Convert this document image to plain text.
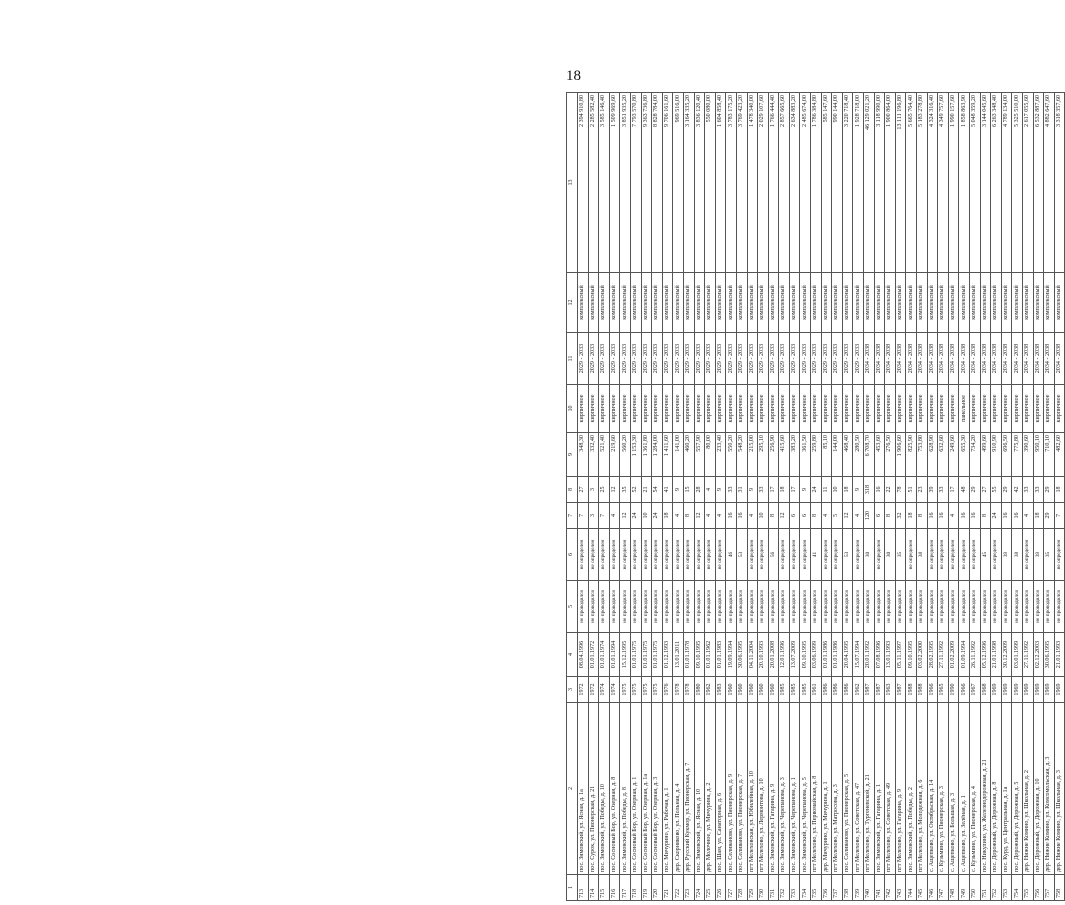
18
1	2	3	4	5	6	7	8	9	10	11	12	13
713	пос. Зимовский, ул. Ясная, д. 1а	1972	08.04.1996	не проводился	не определен	7	27	348,30	кирпичное	2029 - 2033	комплексный	2 394 910,80
714	пос. Сурок, ул. Пионерская, д. 21	1972	01.01.1972	не проводился	не определен	3	3	332,40	кирпичное	2029 - 2033	комплексный	2 285 582,40
715	пос. Зимовский, ул. Победы, д. 10	1974	01.01.1974	не проводился	не определен	7	25	521,40	кирпичное	2029 - 2033	комплексный	3 585 146,40
716	пос. Сосновый Бор, ул. Озерная, д. 8	1974	01.01.1994	не проводился	не определен	4	12	219,60	кирпичное	2029 - 2033	комплексный	1 509 969,60
717	пос. Зимовский, ул. Победы, д. 8	1975	15.12.1995	не проводился	не определен	12	35	560,20	кирпичное	2029 - 2033	комплексный	3 851 935,20
718	пос. Сосновый Бор, ул. Озерная, д. 1	1975	01.01.1975	не проводился	не определен	24	52	1 153,30	кирпичное	2029 - 2033	комплексный	7 793 570,80
719	пос. Сосновый Бор, ул. Озерная, д. 1а	1975	01.01.1975	не проводился	не определен	10	21	1 361,80	кирпичное	2029 - 2033	комплексный	9 363 736,80
720	пос. Сосновый Бор, ул. Озерная, д. 3	1975	01.01.1975	не проводился	не определен	24	54	1 284,00	кирпичное	2029 - 2033	комплексный	8 828 784,00
721	пос. Мичурино, ул. Рабочая, д. 1	1976	01.12.1993	не проводился	не определен	18	41	1 411,60	кирпичное	2029 - 2033	комплексный	9 706 161,60
722	дер. Скорняково, ул. Польная, д. 4	1978	13.01.2011	не проводился	не определен	4	9	141,00	кирпичное	2029 - 2033	комплексный	969 516,00
723	дер. Русский Кукмор, ул. Пионерская, д. 7	1978	01.01.1978	не проводился	не определен	8	15	460,20	кирпичное	2029 - 2033	комплексный	3 164 335,20
724	пос. Зимовский, ул. Ясная, д. 10	1980	09.10.1995	не проводился	не определен	12	28	557,90	кирпичное	2029 - 2033	комплексный	3 836 120,40
725	дер. Молочное, ул. Мичурина, д. 2	1962	01.01.1962	не проводился	не определен	4	4	80,00	кирпичное	2029 - 2033	комплексный	550 080,00
726	пос. Шам, ул. Санаторная, д. 6	1983	01.01.1983	не проводился	не определен	4	9	233,40	кирпичное	2029 - 2033	комплексный	1 604 858,40
727	пос. Селиваново, ул. Пионерская, д. 9	1960	19.09.1994	не проводился	46	16	33	550,20	кирпичное	2029 - 2033	комплексный	3 783 175,20
728	пос. Селиваново, ул. Пионерская, д. 7	1960	30.06.1995	не проводился	53	16	31	548,20	кирпичное	2029 - 2033	комплексный	3 769 423,20
729	пгт Мелеховская, ул. Юбилейная, д. 10	1960	04.11.2004	не проводился	не определен	4	9	215,00	кирпичное	2029 - 2033	комплексный	1 478 340,00
730	пгт Мелехово, ул. Лермонтова, д. 10	1960	20.10.1993	не проводился	не определен	10	33	295,10	кирпичное	2029 - 2033	комплексный	2 029 107,60
731	пос. Зимовский, ул. Гагарина, д. 9	1960	20.01.2008	не проводился	56	8	17	256,90	кирпичное	2029 - 2033	комплексный	1 766 444,40
732	пос. Зимовский, ул. Черепанова, д. 3	1985	12.01.1996	не проводился	не определен	12	18	415,60	кирпичное	2029 - 2033	комплексный	2 857 665,60
733	пос. Зимовский, ул. Черепанова, д. 1	1985	13.07.2009	не проводился	не определен	6	17	383,20	кирпичное	2029 - 2033	комплексный	2 634 883,20
734	пос. Зимовский, ул. Черепанова, д. 5	1985	09.10.1995	не проводился	не определен	6	9	361,50	кирпичное	2029 - 2033	комплексный	2 485 674,00
735	пгт Мелехово, ул. Первомайская, д. 8	1961	03.06.1999	не проводился	41	8	24	259,80	кирпичное	2029 - 2033	комплексный	1 786 384,80
736	дер. Мичурино, ул. Мичурина, д. 1	1986	01.01.1986	не проводился	не определен	4	11	85,10	кирпичное	2029 - 2033	комплексный	585 147,60
737	пгт Мелехово, ул. Матросова, д. 3	1986	01.01.1986	не проводился	не определен	5	10	144,00	кирпичное	2029 - 2033	комплексный	990 144,00
738	пос. Селиваново, ул. Пионерская, д. 5	1986	20.04.1995	не проводился	53	12	18	468,40	кирпичное	2029 - 2033	комплексный	3 220 718,40
739	пгт Мелехово, ул. Советская, д. 47	1962	15.07.1994	не проводился	не определен	4	9	280,50	кирпичное	2029 - 2033	комплексный	1 928 718,00
740	пгт Мелехово, ул. Тургеневской, д. 21	1987	20.01.1992	не проводился	30	120	318	6 708,70	кирпичное	2034 - 2038	комплексный	46 129 021,20
741	пос. Зимовский, ул. Гагарина, д. 1	1987	07.08.1996	не проводился	не определен	6	16	453,60	кирпичное	2034 - 2038	комплексный	3 118 990,00
742	пгт Мелехово, ул. Советская, д. 49	1963	13.01.1993	не проводился	30	8	22	276,50	кирпичное	2034 - 2038	комплексный	1 900 864,00
743	пгт Мелехово, ул. Гагарина, д. 9	1987	05.11.1997	не проводился	35	32	78	1 906,60	кирпичное	2034 - 2038	комплексный	13 111 196,80
744	пос. Зимовский, ул. Победы, д. 2	1988	09.10.1995	не проводился	не определен	18	51	825,90	кирпичное	2034 - 2038	комплексный	5 665 764,40
745	пгт Мелехово, ул. Молодежная, д. 6	1988	03.02.2000	не проводился	38	8	23	753,80	кирпичное	2034 - 2038	комплексный	5 183 278,80
746	с. Ащепково, ул. Октябрьская, д. 14	1966	28.02.1995	не проводился	не определен	16	39	628,90	кирпичное	2034 - 2038	комплексный	4 324 316,40
747	с. Кузьмино, ул. Пионерская, д. 3	1965	27.11.1992	не проводился	не определен	16	33	632,60	кирпичное	2034 - 2038	комплексный	4 349 757,60
748	с. Ащепково, ул. Большая, д. 3	1990	01.02.2009	не проводился	не определен	4	17	249,60	кирпичное	2034 - 2038	комплексный	1 990 157,60
749	с. Ащепково, ул. Зелёная, д. 1	1966	01.09.1994	не проводился	не определен	16	48	655,30	панельное	2034 - 2038	комплексный	1 858 863,90
750	с. Кузьмино, ул. Пионерская, д. 4	1967	26.11.1992	не проводился	не определен	16	29	734,20	кирпичное	2034 - 2038	комплексный	5 048 359,20
751	пос. Никулино, ул. Железнодорожная, д. 21	1968	05.12.1996	не проводился	45	8	27	499,60	кирпичное	2034 - 2038	комплексный	3 144 045,60
752	пос. Дорожный, ул. Дорожная, д. 8	1969	21.01.1998	не проводился	не определен	24	55	910,90	кирпичное	2034 - 2038	комплексный	6 263 348,40
753	пос. Курд, ул. Центральная, д. 1а	1969	30.12.2009	не проводился	39	16	29	696,50	кирпичное	2034 - 2038	комплексный	4 789 134,00
754	пос. Дорожный, ул. Дорожная, д. 5	1969	03.01.1999	не проводился	38	16	42	775,80	кирпичное	2034 - 2038	комплексный	5 325 510,00
755	дер. Нижне Комино, ул. Школьная, д. 2	1969	27.11.1992	не проводился	не определен	4	33	390,60	кирпичное	2034 - 2038	комплексный	2 617 055,60
756	пос. Дорожный, ул. Дорожная, д. 10	1969	02.12.2003	не проводился	39	18	33	950,10	кирпичное	2034 - 2038	комплексный	6 532 887,60
757	дер. Нижне Комино, ул. Комсомольская, д. 3	1969	30.06.1995	не проводился	35	29	29	710,10	кирпичное	2034 - 2038	комплексный	4 882 647,60
758	дер. Нижне Комино, ул. Школьная, д. 3	1969	21.01.1993	не проводился	не определен	7	18	482,60	кирпичное	2034 - 2038	комплексный	3 318 357,60
